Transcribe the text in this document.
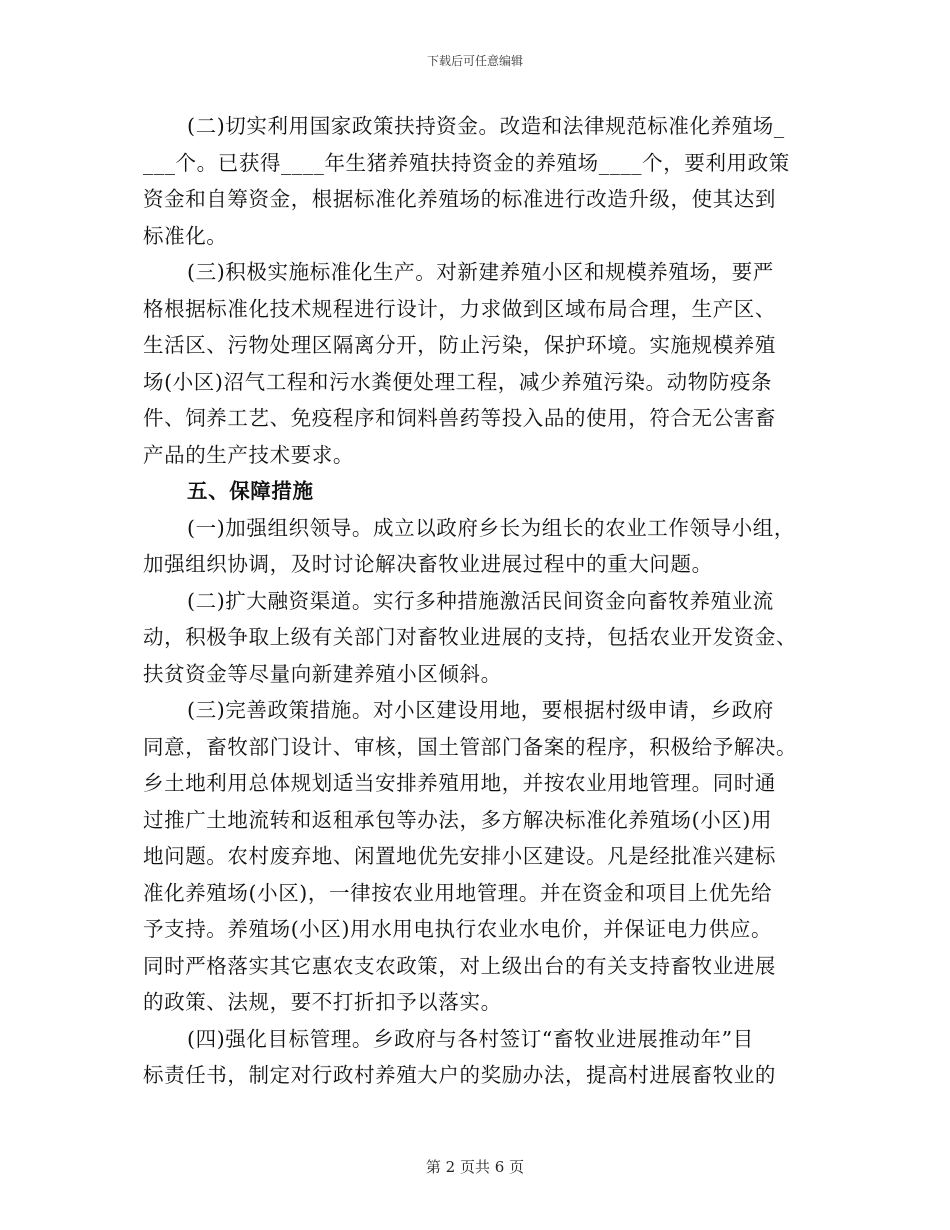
下载后可任意编辑
(二)切实利用国家政策扶持资金。改造和法律规范标准化养殖场_
___个。已获得____年生猪养殖扶持资金的养殖场____个，要利用政策
资金和自筹资金，根据标准化养殖场的标准进行改造升级，使其达到
标准化。
(三)积极实施标准化生产。对新建养殖小区和规模养殖场，要严
格根据标准化技术规程进行设计，力求做到区域布局合理，生产区、
生活区、污物处理区隔离分开，防止污染，保护环境。实施规模养殖
场(小区)沼气工程和污水粪便处理工程，减少养殖污染。动物防疫条
件、饲养工艺、免疫程序和饲料兽药等投入品的使用，符合无公害畜
产品的生产技术要求。
五、保障措施
(一)加强组织领导。成立以政府乡长为组长的农业工作领导小组，
加强组织协调，及时讨论解决畜牧业进展过程中的重大问题。
(二)扩大融资渠道。实行多种措施激活民间资金向畜牧养殖业流
动，积极争取上级有关部门对畜牧业进展的支持，包括农业开发资金、
扶贫资金等尽量向新建养殖小区倾斜。
(三)完善政策措施。对小区建设用地，要根据村级申请，乡政府
同意，畜牧部门设计、审核，国土管部门备案的程序，积极给予解决。
乡土地利用总体规划适当安排养殖用地，并按农业用地管理。同时通
过推广土地流转和返租承包等办法，多方解决标准化养殖场(小区)用
地问题。农村废弃地、闲置地优先安排小区建设。凡是经批准兴建标
准化养殖场(小区)，一律按农业用地管理。并在资金和项目上优先给
予支持。养殖场(小区)用水用电执行农业水电价，并保证电力供应。
同时严格落实其它惠农支农政策，对上级出台的有关支持畜牧业进展
的政策、法规，要不打折扣予以落实。
(四)强化目标管理。乡政府与各村签订“畜牧业进展推动年”目
标责任书，制定对行政村养殖大户的奖励办法，提高村进展畜牧业的
第 2 页共 6 页
